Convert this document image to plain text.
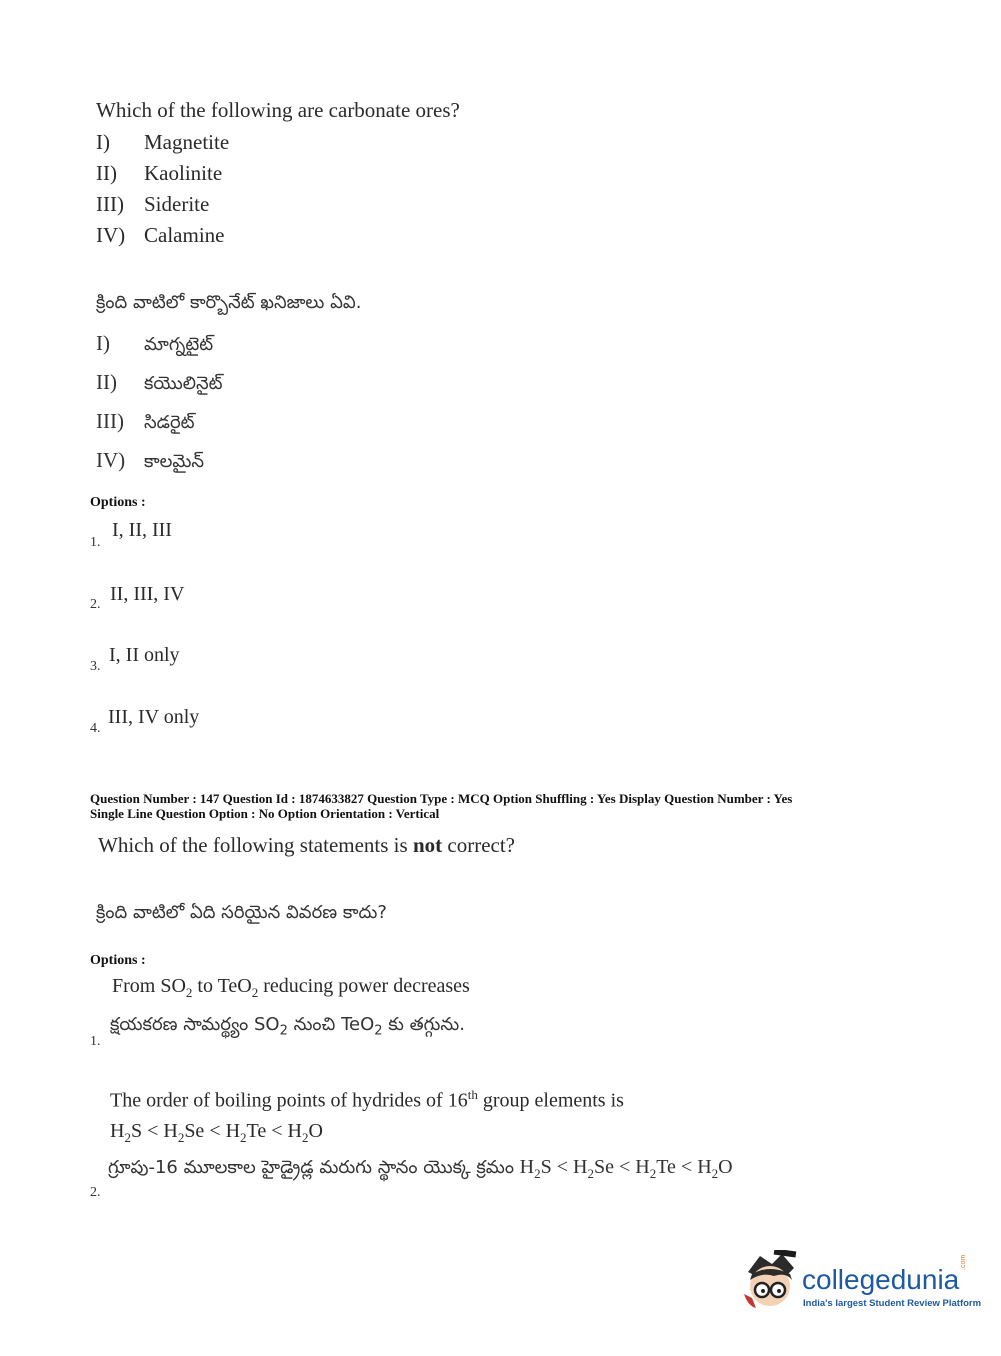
Which of the following are carbonate ores?
I) Magnetite
II) Kaolinite
III) Siderite
IV) Calamine
క్రింది వాటిలో కార్బొనేట్ ఖనిజాలు ఏవి.
I) మాగ్నటైట్
II) కయొలినైట్
III) సిడరైట్
IV) కాలమైన్
Options :
1.
I, II, III
2. II, III, IV
3.
I, II only
4.
III, IV only
Question Number : 147 Question Id : 1874633827 Question Type : MCQ Option Shuffling : Yes Display Question Number : Yes
Single Line Question Option : No Option Orientation : Vertical
Which of the following statements is not correct?
క్రింది వాటిలో ఏది సరియైన వివరణ కాదు?
Options :
From $SO_2$ to TeO$_2$ reducing power decreases
క్షయకరణ సామర్థ్యం $SO_2$ నుంచి TeO$_2$ కు తగ్గును.
1.
The order of boiling points of hydrides of 16th group elements is
$H_2S < H_2Se < H_2Te < H_2O$
గ్రూపు-16 మూలకాల హైడ్రైడ్ల మరుగు స్థానం యొక్క క్రమం $H_2S < H_2Se < H_2Te < H_2O$
2.
collegedunia
.com
India's largest Student Review Platform
